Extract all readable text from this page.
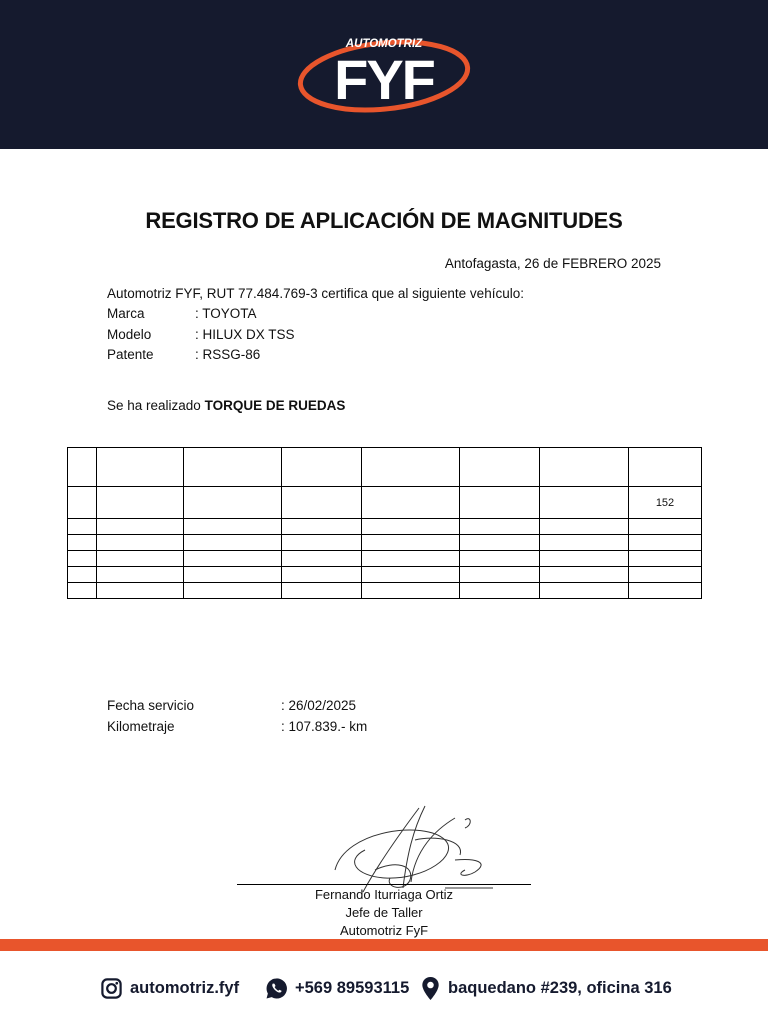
AUTOMOTRIZ
FYF
REGISTRO DE APLICACIÓN DE MAGNITUDES
Antofagasta, 26 de FEBRERO 2025
Automotriz FYF, RUT 77.484.769-3 certifica que al siguiente vehículo:
Marca	: TOYOTA
Modelo	: HILUX DX TSS
Patente	: RSSG-86
Se ha realizado TORQUE DE RUEDAS

							152

Fecha servicio	: 26/02/2025
Kilometraje	: 107.839.- km
Fernando Iturriaga Ortiz
Jefe de Taller
Automotriz FyF
automotriz.fyf	+569 89593115 baquedano #239, oficina 316
